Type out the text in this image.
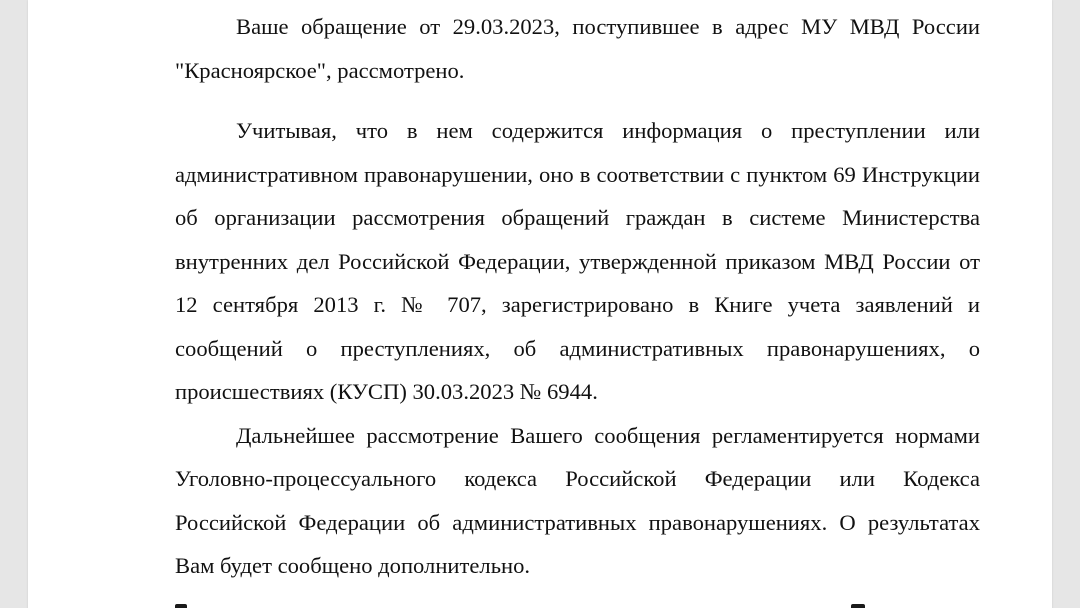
Ваше обращение от 29.03.2023, поступившее в адрес МУ МВД России "Красноярское", рассмотрено.

Учитывая, что в нем содержится информация о преступлении или административном правонарушении, оно в соответствии с пунктом 69 Инструкции об организации рассмотрения обращений граждан в системе Министерства внутренних дел Российской Федерации, утвержденной приказом МВД России от 12 сентября 2013 г. № 707, зарегистрировано в Книге учета заявлений и сообщений о преступлениях, об административных правонарушениях, о происшествиях (КУСП) 30.03.2023 № 6944.

Дальнейшее рассмотрение Вашего сообщения регламентируется нормами Уголовно-процессуального кодекса Российской Федерации или Кодекса Российской Федерации об административных правонарушениях. О результатах Вам будет сообщено дополнительно.
